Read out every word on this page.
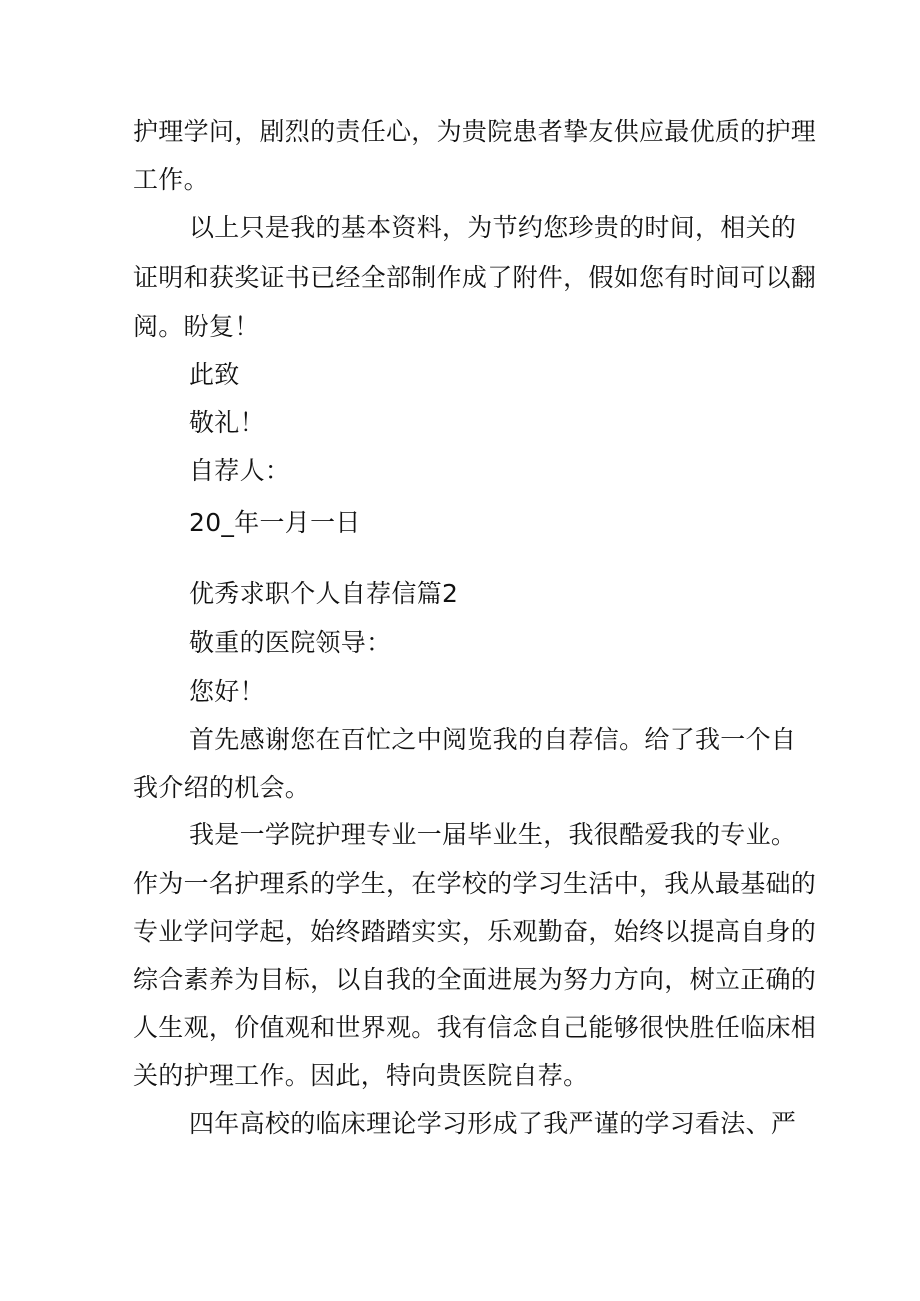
护理学问，剧烈的责任心，为贵院患者挚友供应最优质的护理
工作。
以上只是我的基本资料，为节约您珍贵的时间，相关的
证明和获奖证书已经全部制作成了附件，假如您有时间可以翻
阅。盼复！
此致
敬礼！
自荐人：
20_年一月一日
优秀求职个人自荐信篇2
敬重的医院领导：
您好！
首先感谢您在百忙之中阅览我的自荐信。给了我一个自
我介绍的机会。
我是一学院护理专业一届毕业生，我很酷爱我的专业。
作为一名护理系的学生，在学校的学习生活中，我从最基础的
专业学问学起，始终踏踏实实，乐观勤奋，始终以提高自身的
综合素养为目标，以自我的全面进展为努力方向，树立正确的
人生观，价值观和世界观。我有信念自己能够很快胜任临床相
关的护理工作。因此，特向贵医院自荐。
四年高校的临床理论学习形成了我严谨的学习看法、严
